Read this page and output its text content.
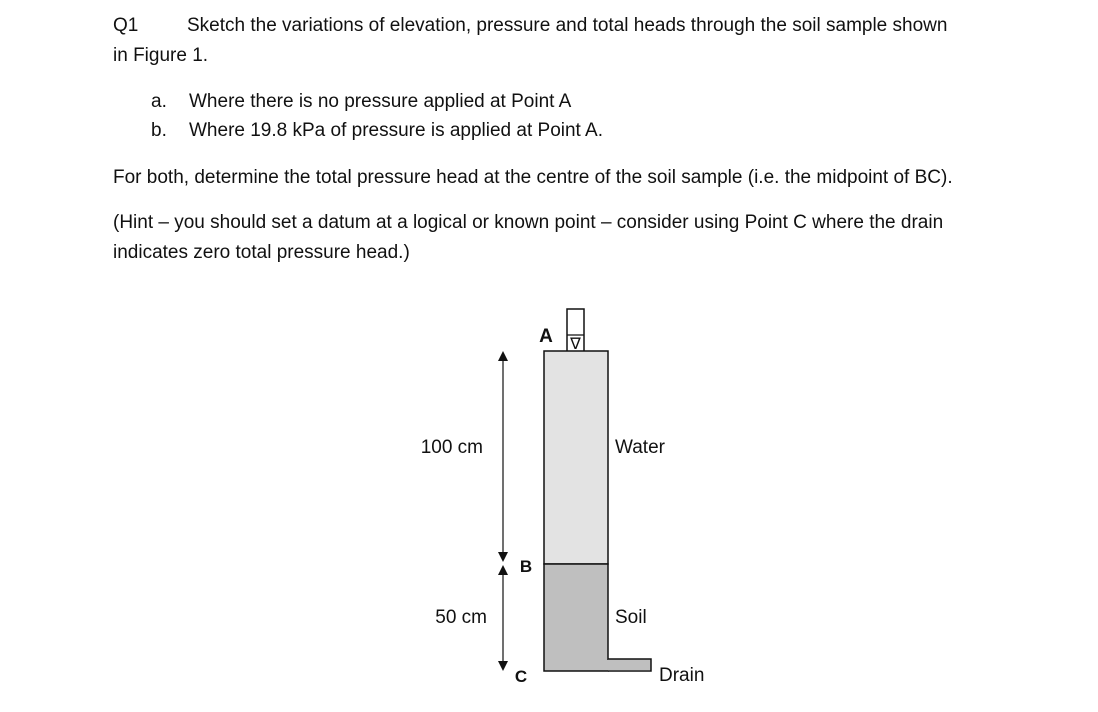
Q1	Sketch the variations of elevation, pressure and total heads through the soil sample shown
in Figure 1.
a. Where there is no pressure applied at Point A
b. Where 19.8 kPa of pressure is applied at Point A.
For both, determine the total pressure head at the centre of the soil sample (i.e. the midpoint of BC).
(Hint – you should set a datum at a logical or known point – consider using Point C where the drain
indicates zero total pressure head.)
∇
A
B
C
Water
Soil
Drain
100 cm
50 cm
